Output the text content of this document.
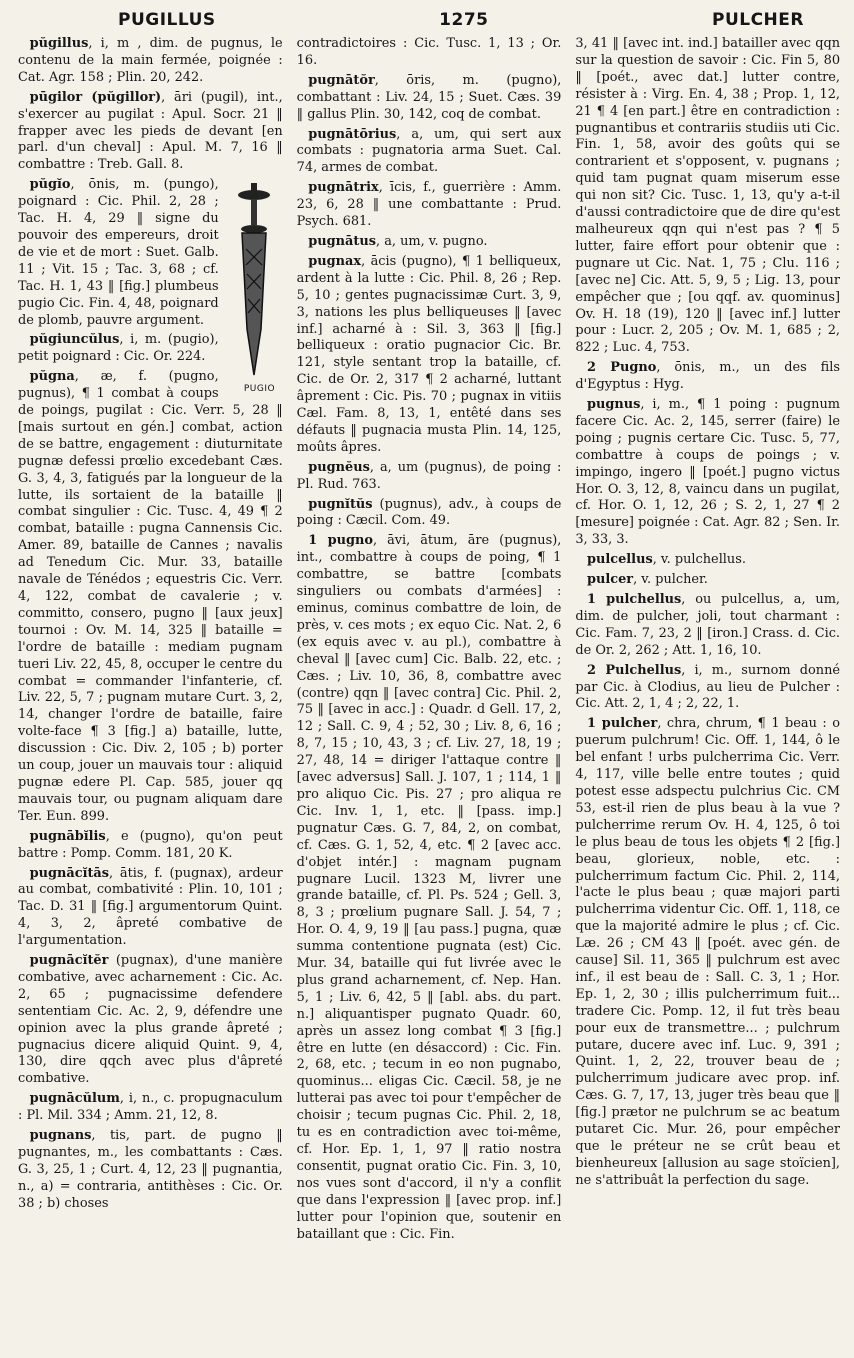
PUGILLUS	1275	PULCHER

pŭgillus, i, m , dim. de pugnus, le contenu de la main fermée, poignée : Cat. Agr. 158 ; Plin. 20, 242.

pūgilor (pŭgillor), āri (pugil), int., s'exercer au pugilat : Apul. Socr. 21 ‖ frapper avec les pieds de devant [en parl. d'un cheval] : Apul. M. 7, 16 ‖ combattre : Treb. Gall. 8.

pŭgĭo
PUGIO
, ōnis, m. (pungo), poignard : Cic. Phil. 2, 28 ; Tac. H. 4, 29 ‖ signe du pouvoir des empereurs, droit de vie et de mort : Suet. Galb. 11 ; Vit. 15 ; Tac. 3, 68 ; cf. Tac. H. 1, 43 ‖ [fig.] plumbeus pugio Cic. Fin. 4, 48, poignard de plomb, pauvre argument.

pŭgiuncŭlus, i, m. (pugio), petit poignard : Cic. Or. 224.

pŭgna, æ, f. (pugno, pugnus), ¶ 1 combat à coups de poings, pugilat : Cic. Verr. 5, 28 ‖ [mais surtout en gén.] combat, action de se battre, engagement : diuturnitate pugnæ defessi prœlio excedebant Cæs. G. 3, 4, 3, fatigués par la longueur de la lutte, ils sortaient de la bataille ‖ combat singulier : Cic. Tusc. 4, 49 ¶ 2 combat, bataille : pugna Cannensis Cic. Amer. 89, bataille de Cannes ; navalis ad Tenedum Cic. Mur. 33, bataille navale de Ténédos ; equestris Cic. Verr. 4, 122, combat de cavalerie ; v. committo, consero, pugno ‖ [aux jeux] tournoi : Ov. M. 14, 325 ‖ bataille = l'ordre de bataille : mediam pugnam tueri Liv. 22, 45, 8, occuper le centre du combat = commander l'infanterie, cf. Liv. 22, 5, 7 ; pugnam mutare Curt. 3, 2, 14, changer l'ordre de bataille, faire volte-face ¶ 3 [fig.] a) bataille, lutte, discussion : Cic. Div. 2, 105 ; b) porter un coup, jouer un mauvais tour : aliquid pugnæ edere Pl. Cap. 585, jouer qq mauvais tour, ou pugnam aliquam dare Ter. Eun. 899.

pugnābĭlis, e (pugno), qu'on peut battre : Pomp. Comm. 181, 20 K.

pugnācĭtās, ātis, f. (pugnax), ardeur au combat, combativité : Plin. 10, 101 ; Tac. D. 31 ‖ [fig.] argumentorum Quint. 4, 3, 2, âpreté combative de l'argumentation.

pugnācĭtĕr (pugnax), d'une manière combative, avec acharnement : Cic. Ac. 2, 65 ; pugnacissime defendere sententiam Cic. Ac. 2, 9, défendre une opinion avec la plus grande âpreté ; pugnacius dicere aliquid Quint. 9, 4, 130, dire qqch avec plus d'âpreté combative.

pugnācŭlum, i, n., c. propugnaculum : Pl. Mil. 334 ; Amm. 21, 12, 8.

pugnans, tis, part. de pugno ‖ pugnantes, m., les combattants : Cæs. G. 3, 25, 1 ; Curt. 4, 12, 23 ‖ pugnantia, n., a) = contraria, antithèses : Cic. Or. 38 ; b) choses

contradictoires : Cic. Tusc. 1, 13 ; Or. 16.

pugnātŏr, ōris, m. (pugno), combattant : Liv. 24, 15 ; Suet. Cæs. 39 ‖ gallus Plin. 30, 142, coq de combat.

pugnātōrius, a, um, qui sert aux combats : pugnatoria arma Suet. Cal. 74, armes de combat.

pugnātrix, īcis, f., guerrière : Amm. 23, 6, 28 ‖ une combattante : Prud. Psych. 681.

pugnātus, a, um, v. pugno.

pugnax, ācis (pugno), ¶ 1 belliqueux, ardent à la lutte : Cic. Phil. 8, 26 ; Rep. 5, 10 ; gentes pugnacissimæ Curt. 3, 9, 3, nations les plus belliqueuses ‖ [avec inf.] acharné à : Sil. 3, 363 ‖ [fig.] belliqueux : oratio pugnacior Cic. Br. 121, style sentant trop la bataille, cf. Cic. de Or. 2, 317 ¶ 2 acharné, luttant âprement : Cic. Pis. 70 ; pugnax in vitiis Cæl. Fam. 8, 13, 1, entêté dans ses défauts ‖ pugnacia musta Plin. 14, 125, moûts âpres.

pugnĕus, a, um (pugnus), de poing : Pl. Rud. 763.

pugnĭtŭs (pugnus), adv., à coups de poing : Cæcil. Com. 49.

1 pugno, āvi, ātum, āre (pugnus), int., combattre à coups de poing, ¶ 1 combattre, se battre [combats singuliers ou combats d'armées] : eminus, cominus combattre de loin, de près, v. ces mots ; ex equo Cic. Nat. 2, 6 (ex equis avec v. au pl.), combattre à cheval ‖ [avec cum] Cic. Balb. 22, etc. ; Cæs. ; Liv. 10, 36, 8, combattre avec (contre) qqn ‖ [avec contra] Cic. Phil. 2, 75 ‖ [avec in acc.] : Quadr. d Gell. 17, 2, 12 ; Sall. C. 9, 4 ; 52, 30 ; Liv. 8, 6, 16 ; 8, 7, 15 ; 10, 43, 3 ; cf. Liv. 27, 18, 19 ; 27, 48, 14 = diriger l'attaque contre ‖ [avec adversus] Sall. J. 107, 1 ; 114, 1 ‖ pro aliquo Cic. Pis. 27 ; pro aliqua re Cic. Inv. 1, 1, etc. ‖ [pass. imp.] pugnatur Cæs. G. 7, 84, 2, on combat, cf. Cæs. G. 1, 52, 4, etc. ¶ 2 [avec acc. d'objet intér.] : magnam pugnam pugnare Lucil. 1323 M, livrer une grande bataille, cf. Pl. Ps. 524 ; Gell. 3, 8, 3 ; prœlium pugnare Sall. J. 54, 7 ; Hor. O. 4, 9, 19 ‖ [au pass.] pugna, quæ summa contentione pugnata (est) Cic. Mur. 34, bataille qui fut livrée avec le plus grand acharnement, cf. Nep. Han. 5, 1 ; Liv. 6, 42, 5 ‖ [abl. abs. du part. n.] aliquantisper pugnato Quadr. 60, après un assez long combat ¶ 3 [fig.] être en lutte (en désaccord) : Cic. Fin. 2, 68, etc. ; tecum in eo non pugnabo, quominus... eligas Cic. Cæcil. 58, je ne lutterai pas avec toi pour t'empêcher de choisir ; tecum pugnas Cic. Phil. 2, 18, tu es en contradiction avec toi-même, cf. Hor. Ep. 1, 1, 97 ‖ ratio nostra consentit, pugnat oratio Cic. Fin. 3, 10, nos vues sont d'accord, il n'y a conflit que dans l'expression ‖ [avec prop. inf.] lutter pour l'opinion que, soutenir en bataillant que : Cic. Fin.

3, 41 ‖ [avec int. ind.] batailler avec qqn sur la question de savoir : Cic. Fin 5, 80 ‖ [poét., avec dat.] lutter contre, résister à : Virg. En. 4, 38 ; Prop. 1, 12, 21 ¶ 4 [en part.] être en contradiction : pugnantibus et contrariis studiis uti Cic. Fin. 1, 58, avoir des goûts qui se contrarient et s'opposent, v. pugnans ; quid tam pugnat quam miserum esse qui non sit? Cic. Tusc. 1, 13, qu'y a-t-il d'aussi contradictoire que de dire qu'est malheureux qqn qui n'est pas ? ¶ 5 lutter, faire effort pour obtenir que : pugnare ut Cic. Nat. 1, 75 ; Clu. 116 ; [avec ne] Cic. Att. 5, 9, 5 ; Lig. 13, pour empêcher que ; [ou qqf. av. quominus] Ov. H. 18 (19), 120 ‖ [avec inf.] lutter pour : Lucr. 2, 205 ; Ov. M. 1, 685 ; 2, 822 ; Luc. 4, 753.

2 Pugno, ōnis, m., un des fils d'Egyptus : Hyg.

pugnus, i, m., ¶ 1 poing : pugnum facere Cic. Ac. 2, 145, serrer (faire) le poing ; pugnis certare Cic. Tusc. 5, 77, combattre à coups de poings ; v. impingo, ingero ‖ [poét.] pugno victus Hor. O. 3, 12, 8, vaincu dans un pugilat, cf. Hor. O. 1, 12, 26 ; S. 2, 1, 27 ¶ 2 [mesure] poignée : Cat. Agr. 82 ; Sen. Ir. 3, 33, 3.

pulcellus, v. pulchellus.

pulcer, v. pulcher.

1 pulchellus, ou pulcellus, a, um, dim. de pulcher, joli, tout charmant : Cic. Fam. 7, 23, 2 ‖ [iron.] Crass. d. Cic. de Or. 2, 262 ; Att. 1, 16, 10.

2 Pulchellus, i, m., surnom donné par Cic. à Clodius, au lieu de Pulcher : Cic. Att. 2, 1, 4 ; 2, 22, 1.

1 pulcher, chra, chrum, ¶ 1 beau : o puerum pulchrum! Cic. Off. 1, 144, ô le bel enfant ! urbs pulcherrima Cic. Verr. 4, 117, ville belle entre toutes ; quid potest esse adspectu pulchrius Cic. CM 53, est-il rien de plus beau à la vue ? pulcherrime rerum Ov. H. 4, 125, ô toi le plus beau de tous les objets ¶ 2 [fig.] beau, glorieux, noble, etc. : pulcherrimum factum Cic. Phil. 2, 114, l'acte le plus beau ; quæ majori parti pulcherrima videntur Cic. Off. 1, 118, ce que la majorité admire le plus ; cf. Cic. Læ. 26 ; CM 43 ‖ [poét. avec gén. de cause] Sil. 11, 365 ‖ pulchrum est avec inf., il est beau de : Sall. C. 3, 1 ; Hor. Ep. 1, 2, 30 ; illis pulcherrimum fuit... tradere Cic. Pomp. 12, il fut très beau pour eux de transmettre... ; pulchrum putare, ducere avec inf. Luc. 9, 391 ; Quint. 1, 2, 22, trouver beau de ; pulcherrimum judicare avec prop. inf. Cæs. G. 7, 17, 13, juger très beau que ‖ [fig.] prætor ne pulchrum se ac beatum putaret Cic. Mur. 26, pour empêcher que le préteur ne se crût beau et bienheureux [allusion au sage stoïcien], ne s'attribuât la perfection du sage.
